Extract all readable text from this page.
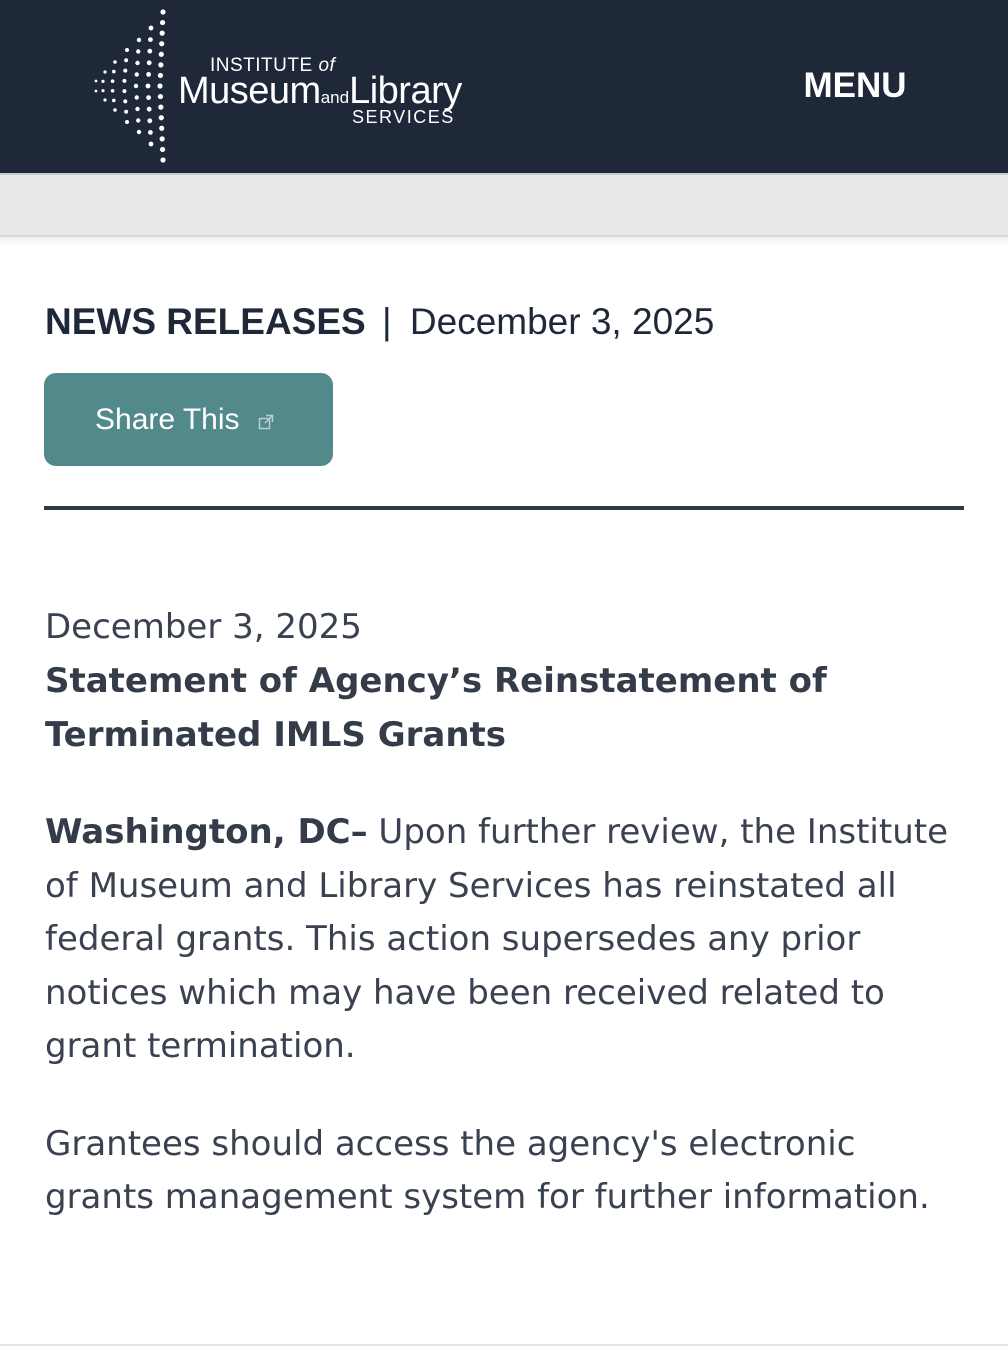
INSTITUTE of
MuseumandLibrary
SERVICES
MENU
NEWS RELEASES | December 3, 2025
Share This

December 3, 2025

Statement of Agency’s Reinstatement of Terminated IMLS Grants

Washington, DC– Upon further review, the Institute of Museum and Library Services has reinstated all federal grants. This action supersedes any prior notices which may have been received related to grant termination.

Grantees should access the agency's electronic grants management system for further information.
